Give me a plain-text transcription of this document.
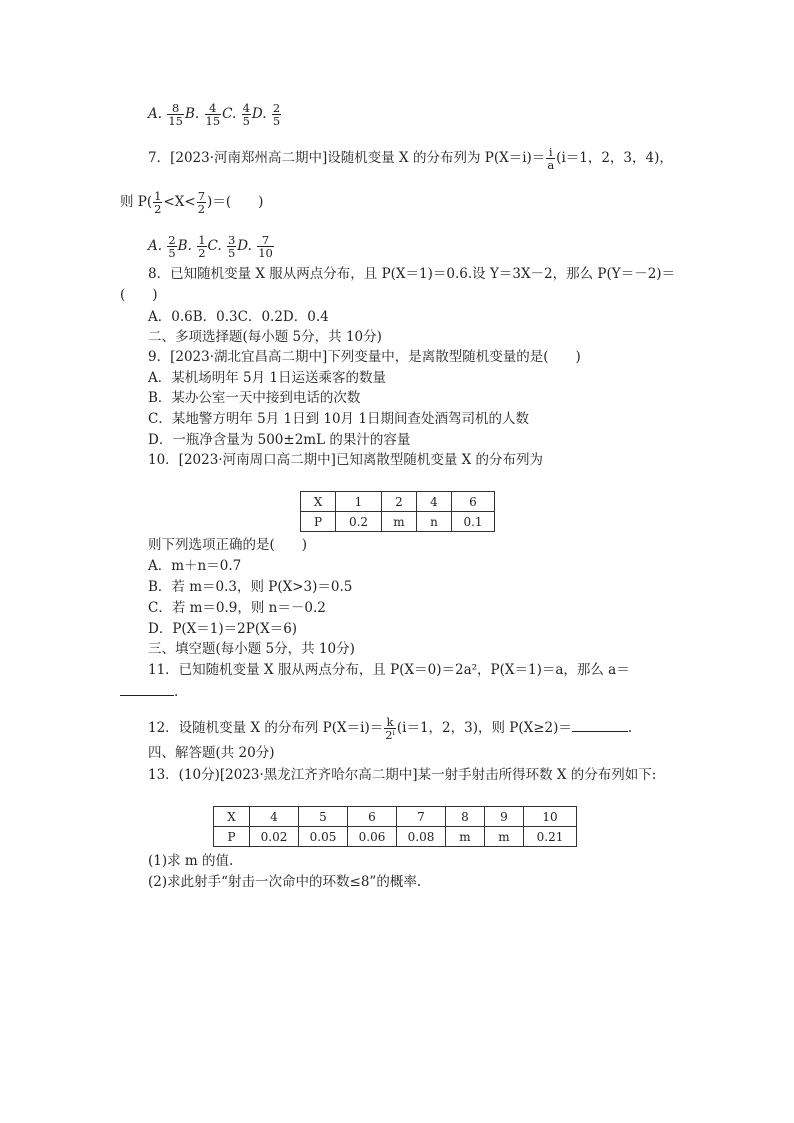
A. $\frac{8}{15} B$. $\frac{4}{15} C$. $\frac{4}{5} D$. $\frac{2}{5}$
7．[2023·河南郑州高二期中]设随机变量 X 的分布列为 $P(X=i)= \frac{i}{a} (i=1$，2，3，4)，
则 $P( \frac{1}{2} <X< \frac{7}{2}$ )＝(　　)
A. $\frac{2}{5} B$. $\frac{1}{2} C$. $\frac{3}{5} D$. $\frac{7}{10}$
8．已知随机变量 X 服从两点分布，且 P(X＝1)＝0.6.设 Y＝3X－2，那么 P(Y＝－2)＝
(　　)
A．0.6B．0.3C．0.2D．0.4
二、多项选择题(每小题 5分，共 10分)
9．[2023·湖北宜昌高二期中]下列变量中，是离散型随机变量的是(　　)
A．某机场明年 5月 1日运送乘客的数量
B．某办公室一天中接到电话的次数
C．某地警方明年 5月 1日到 10月 1日期间查处酒驾司机的人数
D．一瓶净含量为 500±2mL 的果汁的容量
10．[2023·河南周口高二期中]已知离散型随机变量 X 的分布列为
X	1	2	4	6
P	0.2	m	n	0.1
则下列选项正确的是(　　)
A．m＋n＝0.7
B．若 m＝0.3，则 P(X>3)＝0.5
C．若 m＝0.9，则 n＝－0.2
D．P(X＝1)＝2P(X＝6)
三、填空题(每小题 5分，共 10分)
11．已知随机变量 X 服从两点分布，且 P(X＝0)＝2a²，P(X＝1)＝a，那么 a＝
.
12．设随机变量 X 的分布列 $P(X=i)= \frac{k}{\text{2ⁱ}} (i=1$，2，3)，则 P(X≥2)＝	.
四、解答题(共 20分)
13．(10分)[2023·黑龙江齐齐哈尔高二期中]某一射手射击所得环数 X 的分布列如下:
X	4	5	6	7	8	9	10
P	0.02	0.05	0.06	0.08	m	m	0.21
(1)求 m 的值.
(2)求此射手“射击一次命中的环数≤8”的概率.
